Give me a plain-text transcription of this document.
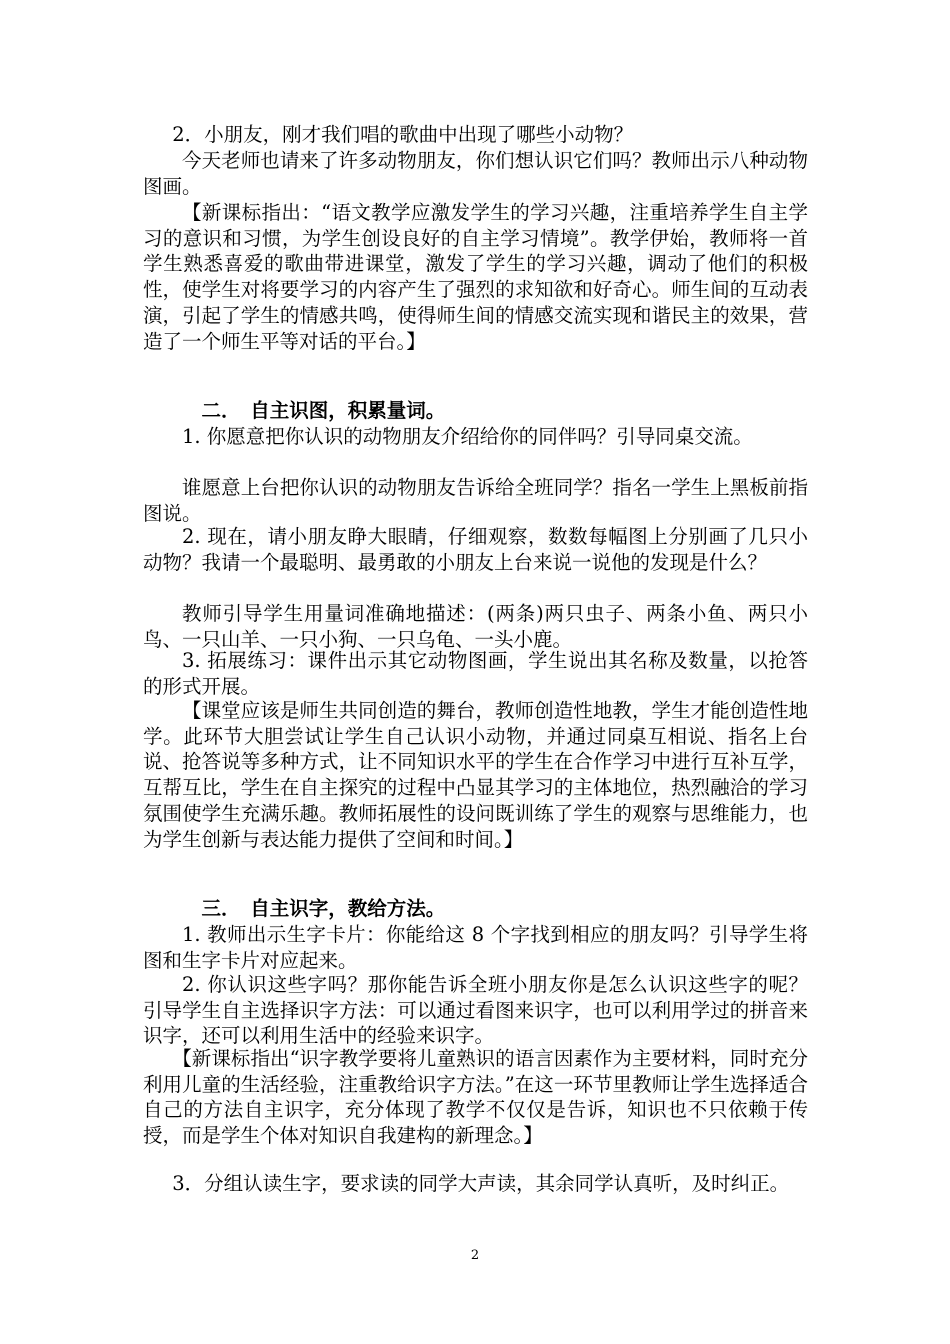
2．小朋友，刚才我们唱的歌曲中出现了哪些小动物？

今天老师也请来了许多动物朋友，你们想认识它们吗？教师出示八种动物图画。

【新课标指出：“语文教学应激发学生的学习兴趣，注重培养学生自主学习的意识和习惯，为学生创设良好的自主学习情境”。教学伊始，教师将一首学生熟悉喜爱的歌曲带进课堂，激发了学生的学习兴趣，调动了他们的积极性，使学生对将要学习的内容产生了强烈的求知欲和好奇心。师生间的互动表演，引起了学生的情感共鸣，使得师生间的情感交流实现和谐民主的效果，营造了一个师生平等对话的平台。】

二．　自主识图，积累量词。

1. 你愿意把你认识的动物朋友介绍给你的同伴吗？引导同桌交流。

谁愿意上台把你认识的动物朋友告诉给全班同学？指名一学生上黑板前指图说。

2. 现在，请小朋友睁大眼睛，仔细观察，数数每幅图上分别画了几只小动物？我请一个最聪明、最勇敢的小朋友上台来说一说他的发现是什么？

教师引导学生用量词准确地描述：(两条)两只虫子、两条小鱼、两只小鸟、一只山羊、一只小狗、一只乌龟、一头小鹿。

3. 拓展练习：课件出示其它动物图画，学生说出其名称及数量，以抢答的形式开展。

【课堂应该是师生共同创造的舞台，教师创造性地教，学生才能创造性地学。此环节大胆尝试让学生自己认识小动物，并通过同桌互相说、指名上台说、抢答说等多种方式，让不同知识水平的学生在合作学习中进行互补互学，互帮互比，学生在自主探究的过程中凸显其学习的主体地位，热烈融洽的学习氛围使学生充满乐趣。教师拓展性的设问既训练了学生的观察与思维能力，也为学生创新与表达能力提供了空间和时间。】

三．　自主识字，教给方法。

1. 教师出示生字卡片：你能给这 8 个字找到相应的朋友吗？引导学生将图和生字卡片对应起来。

2. 你认识这些字吗？那你能告诉全班小朋友你是怎么认识这些字的呢？引导学生自主选择识字方法：可以通过看图来识字，也可以利用学过的拼音来识字，还可以利用生活中的经验来识字。

【新课标指出“识字教学要将儿童熟识的语言因素作为主要材料，同时充分利用儿童的生活经验，注重教给识字方法。”在这一环节里教师让学生选择适合自己的方法自主识字，充分体现了教学不仅仅是告诉，知识也不只依赖于传授，而是学生个体对知识自我建构的新理念。】

3．分组认读生字，要求读的同学大声读，其余同学认真听，及时纠正。

2
